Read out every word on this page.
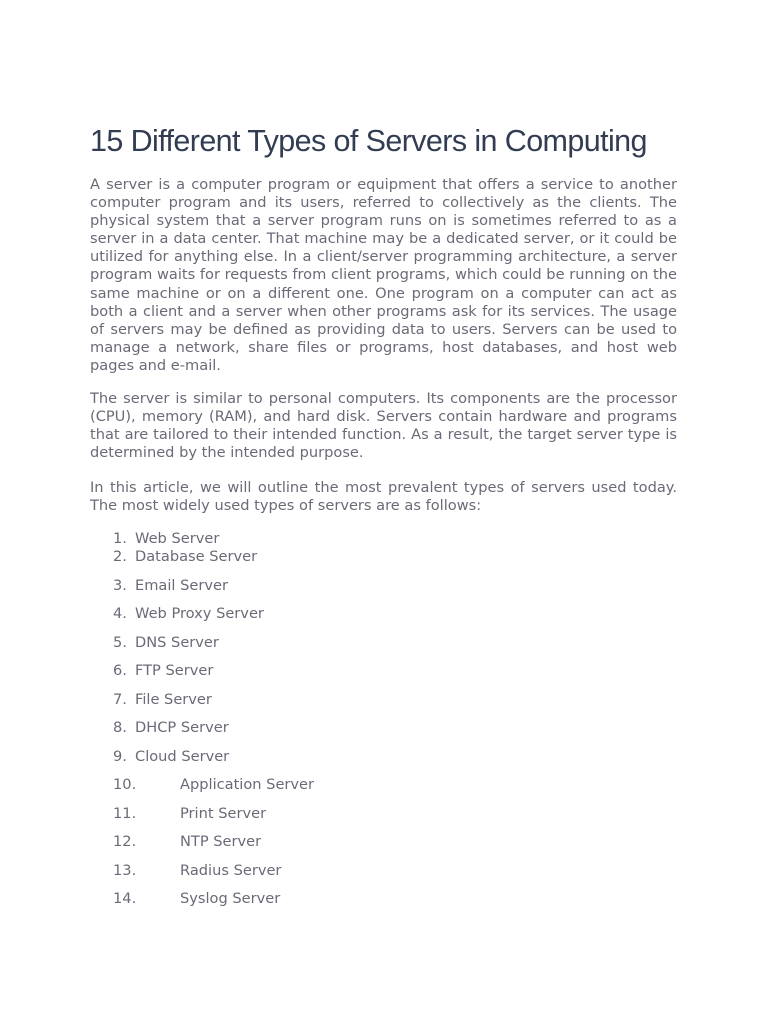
15 Different Types of Servers in Computing

A server is a computer program or equipment that offers a service to another computer program and its users, referred to collectively as the clients. The physical system that a server program runs on is sometimes referred to as a server in a data center. That machine may be a dedicated server, or it could be utilized for anything else. In a client/server programming architecture, a server program waits for requests from client programs, which could be running on the same machine or on a different one. One program on a computer can act as both a client and a server when other programs ask for its services. The usage of servers may be defined as providing data to users. Servers can be used to manage a network, share files or programs, host databases, and host web pages and e-mail.

The server is similar to personal computers. Its components are the processor (CPU), memory (RAM), and hard disk. Servers contain hardware and programs that are tailored to their intended function. As a result, the target server type is determined by the intended purpose.

In this article, we will outline the most prevalent types of servers used today. The most widely used types of servers are as follows:

1. Web Server
2. Database Server
3. Email Server
4. Web Proxy Server
5. DNS Server
6. FTP Server
7. File Server
8. DHCP Server
9. Cloud Server
10.	Application Server
11.	Print Server
12.	NTP Server
13.	Radius Server
14.	Syslog Server
